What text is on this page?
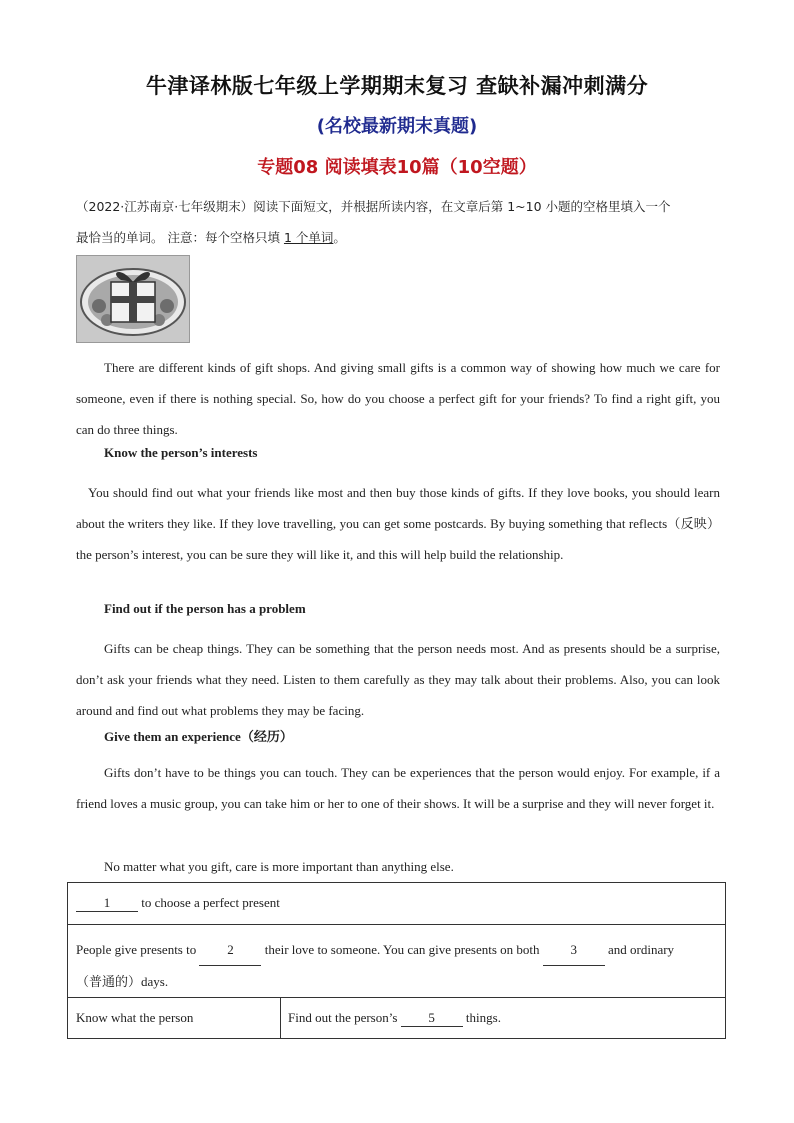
牛津译林版七年级上学期期末复习 查缺补漏冲刺满分
(名校最新期末真题)
专题08 阅读填表10篇（10空题）
（2022·江苏南京·七年级期末）阅读下面短文，并根据所读内容，在文章后第 1~10 小题的空格里填入一个
最恰当的单词。 注意：每个空格只填 1 个单词。
There are different kinds of gift shops. And giving small gifts is a common way of showing how much we care for someone, even if there is nothing special. So, how do you choose a perfect gift for your friends? To find a right gift, you can do three things.
Know the person’s interests
You should find out what your friends like most and then buy those kinds of gifts. If they love books, you should learn about the writers they like. If they love travelling, you can get some postcards. By buying something that reflects（反映）the person’s interest, you can be sure they will like it, and this will help build the relationship.
Find out if the person has a problem
Gifts can be cheap things. They can be something that the person needs most. And as presents should be a surprise, don’t ask your friends what they need. Listen to them carefully as they may talk about their problems. Also, you can look around and find out what problems they may be facing.
Give them an experience（经历）
Gifts don’t have to be things you can touch. They can be experiences that the person would enjoy. For example, if a friend loves a music group, you can take him or her to one of their shows. It will be a surprise and they will never forget it.
No matter what you gift, care is more important than anything else.
1 to choose a perfect present
People give presents to 2 their love to someone. You can give presents on both 3 and ordinary
（普通的）days.
Know what the person	Find out the person’s 5 things.
